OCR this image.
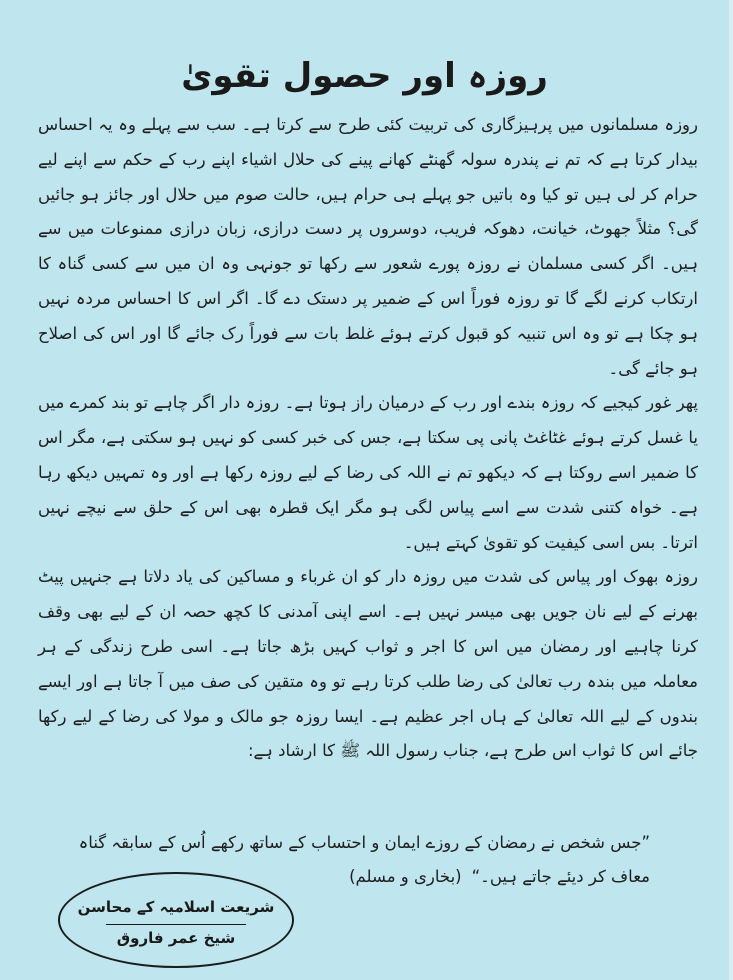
روزہ اور حصول تقویٰ

روزہ مسلمانوں میں پرہیزگاری کی تربیت کئی طرح سے کرتا ہے۔ سب سے پہلے وہ یہ احساس بیدار کرتا ہے کہ تم نے پندرہ سولہ گھنٹے کھانے پینے کی حلال اشیاء اپنے رب کے حکم سے اپنے لیے حرام کر لی ہیں تو کیا وہ باتیں جو پہلے ہی حرام ہیں، حالت صوم میں حلال اور جائز ہو جائیں گی؟ مثلاً جھوٹ، خیانت، دھوکہ فریب، دوسروں پر دست درازی، زبان درازی ممنوعات میں سے ہیں۔ اگر کسی مسلمان نے روزہ پورے شعور سے رکھا تو جونہی وہ ان میں سے کسی گناہ کا ارتکاب کرنے لگے گا تو روزہ فوراً اس کے ضمیر پر دستک دے گا۔ اگر اس کا احساس مردہ نہیں ہو چکا ہے تو وہ اس تنبیہ کو قبول کرتے ہوئے غلط بات سے فوراً رک جائے گا اور اس کی اصلاح ہو جائے گی۔

پھر غور کیجیے کہ روزہ بندے اور رب کے درمیان راز ہوتا ہے۔ روزہ دار اگر چاہے تو بند کمرے میں یا غسل کرتے ہوئے غٹاغٹ پانی پی سکتا ہے، جس کی خبر کسی کو نہیں ہو سکتی ہے، مگر اس کا ضمیر اسے روکتا ہے کہ دیکھو تم نے اللہ کی رضا کے لیے روزہ رکھا ہے اور وہ تمہیں دیکھ رہا ہے۔ خواہ کتنی شدت سے اسے پیاس لگی ہو مگر ایک قطرہ بھی اس کے حلق سے نیچے نہیں اترتا۔ بس اسی کیفیت کو تقویٰ کہتے ہیں۔

روزہ بھوک اور پیاس کی شدت میں روزہ دار کو ان غرباء و مساکین کی یاد دلاتا ہے جنہیں پیٹ بھرنے کے لیے نان جویں بھی میسر نہیں ہے۔ اسے اپنی آمدنی کا کچھ حصہ ان کے لیے بھی وقف کرنا چاہیے اور رمضان میں اس کا اجر و ثواب کہیں بڑھ جاتا ہے۔ اسی طرح زندگی کے ہر معاملہ میں بندہ رب تعالیٰ کی رضا طلب کرتا رہے تو وہ متقین کی صف میں آ جاتا ہے اور ایسے بندوں کے لیے اللہ تعالیٰ کے ہاں اجر عظیم ہے۔ ایسا روزہ جو مالک و مولا کی رضا کے لیے رکھا جائے اس کا ثواب اس طرح ہے، جناب رسول اللہ ﷺ کا ارشاد ہے:

”جس شخص نے رمضان کے روزے ایمان و احتساب کے ساتھ رکھے اُس کے سابقہ گناہ
معاف کر دیئے جاتے ہیں۔“(بخاری و مسلم)
شریعت اسلامیہ کے محاسن
شیخ عمر فاروق
